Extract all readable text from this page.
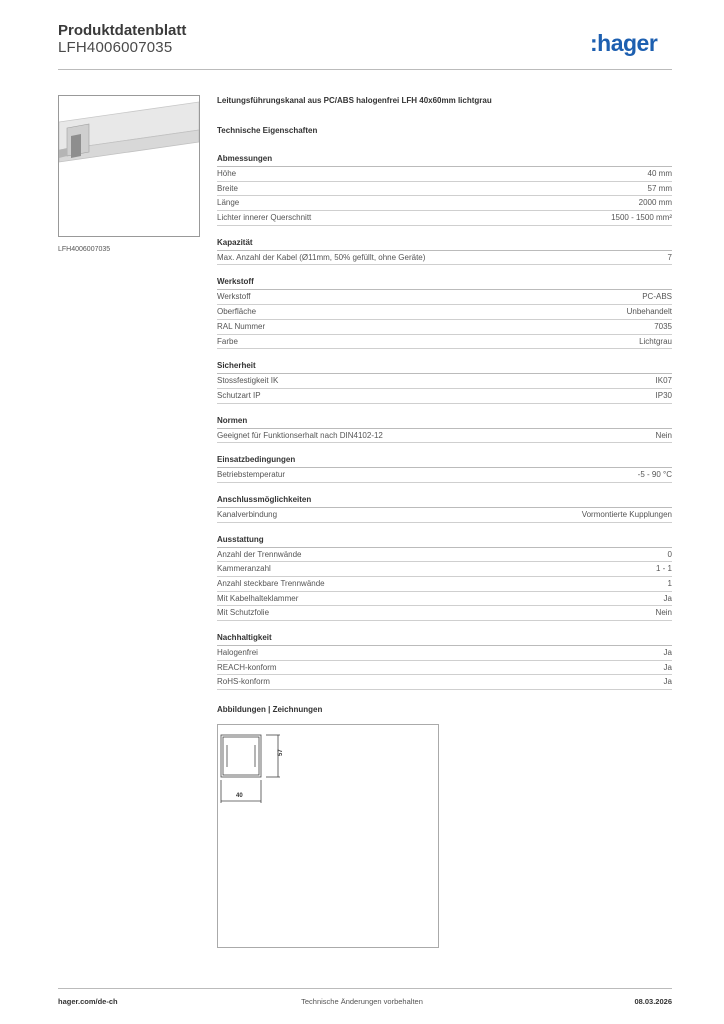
Produktdatenblatt
LFH4006007035	:hager
LFH4006007035
Leitungsführungskanal aus PC/ABS halogenfrei LFH 40x60mm lichtgrau
Technische Eigenschaften
Abmessungen
Höhe	40 mm
Breite	57 mm
Länge	2000 mm
Lichter innerer Querschnitt	1500 - 1500 mm²
Kapazität
Max. Anzahl der Kabel (Ø11mm, 50% gefüllt, ohne Geräte)	7
Werkstoff
Werkstoff	PC-ABS
Oberfläche	Unbehandelt
RAL Nummer	7035
Farbe	Lichtgrau
Sicherheit
Stossfestigkeit IK	IK07
Schutzart IP	IP30
Normen
Geeignet für Funktionserhalt nach DIN4102-12	Nein
Einsatzbedingungen
Betriebstemperatur	-5 - 90 °C
Anschlussmöglichkeiten
Kanalverbindung	Vormontierte Kupplungen
Ausstattung
Anzahl der Trennwände	0
Kammeranzahl	1 - 1
Anzahl steckbare Trennwände	1
Mit Kabelhalteklammer	Ja
Mit Schutzfolie	Nein
Nachhaltigkeit
Halogenfrei	Ja
REACH-konform	Ja
RoHS-konform	Ja
Abbildungen | Zeichnungen
57
40
hager.com/de-ch	Technische Änderungen vorbehalten	08.03.2026
